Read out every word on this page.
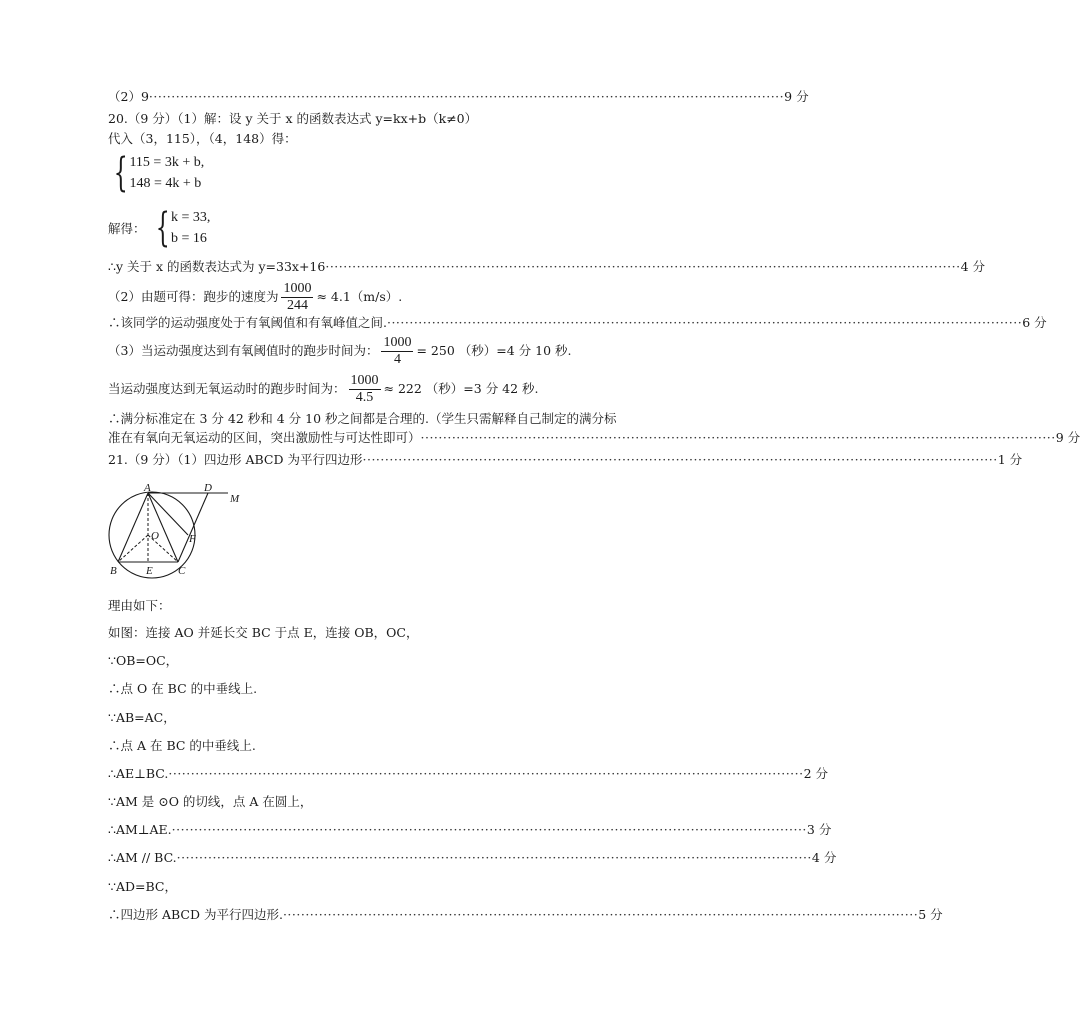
（2）9 ·············································································································································· 9 分
20.（9 分）（1）解：设 y 关于 x 的函数表达式 y=kx+b（k≠0）
代入（3，115），（4，148）得：
{ 115 = 3k + b,
148 = 4k + b
解得： { k = 33,
b = 16
∴y 关于 x 的函数表达式为 y=33x+16 ·············································································································································· 4 分
（2）由题可得：跑步的速度为 $\frac{1000}{244} \approx 4.1(m/s)$.
∴该同学的运动强度处于有氧阈值和有氧峰值之间. ·············································································································································· 6 分
（3）当运动强度达到有氧阈值时的跑步时间为： $\frac{1000}{4} = 250$ （秒）=4 分 10 秒.
当运动强度达到无氧运动时的跑步时间为： $\frac{1000}{4.5} \approx 222$ （秒）=3 分 42 秒.
∴满分标准定在 3 分 42 秒和 4 分 10 秒之间都是合理的.（学生只需解释自己制定的满分标
准在有氧向无氧运动的区间，突出激励性与可达性即可） ·············································································································································· 9 分
21.（9 分）（1）四边形 ABCD 为平行四边形 ·············································································································································· 1 分
A	D
M
O	F
B	E C
理由如下：
如图：连接 AO 并延长交 BC 于点 E，连接 OB，OC，
∵OB=OC，
∴点 O 在 BC 的中垂线上.
∵AB=AC，
∴点 A 在 BC 的中垂线上.
∴AE⊥BC. ·············································································································································· 2 分
∵AM 是 ⊙O 的切线，点 A 在圆上，
∴AM⊥AE. ·············································································································································· 3 分
∴AM // BC. ·············································································································································· 4 分
∵AD=BC，
∴四边形 ABCD 为平行四边形. ·············································································································································· 5 分
